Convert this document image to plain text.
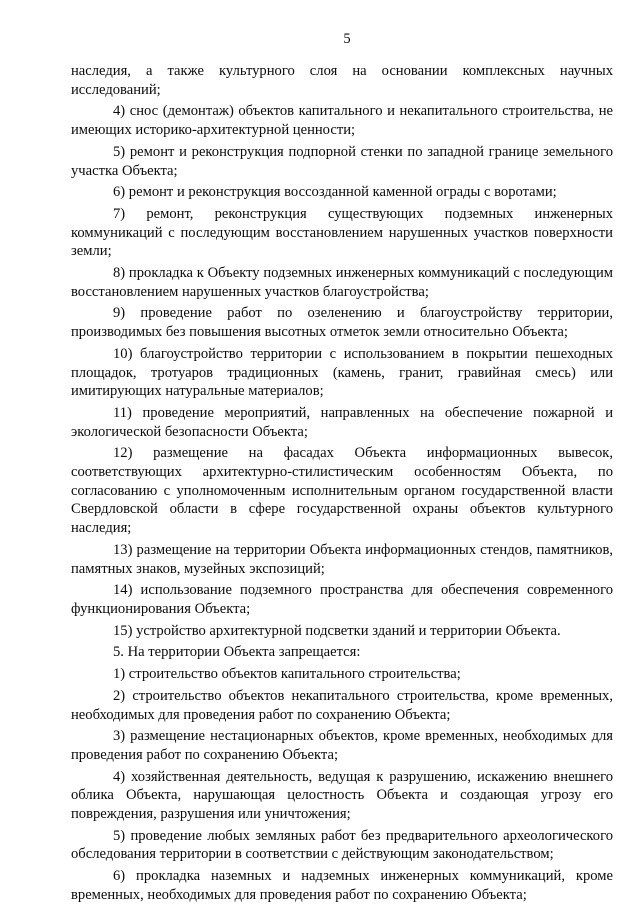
5

наследия, а также культурного слоя на основании комплексных научных исследований;

4) снос (демонтаж) объектов капитального и некапитального строительства, не имеющих историко-архитектурной ценности;

5) ремонт и реконструкция подпорной стенки по западной границе земельного участка Объекта;

6) ремонт и реконструкция воссозданной каменной ограды с воротами;

7) ремонт, реконструкция существующих подземных инженерных коммуникаций с последующим восстановлением нарушенных участков поверхности земли;

8) прокладка к Объекту подземных инженерных коммуникаций с последующим восстановлением нарушенных участков благоустройства;

9) проведение работ по озеленению и благоустройству территории, производимых без повышения высотных отметок земли относительно Объекта;

10) благоустройство территории с использованием в покрытии пешеходных площадок, тротуаров традиционных (камень, гранит, гравийная смесь) или имитирующих натуральные материалов;

11) проведение мероприятий, направленных на обеспечение пожарной и экологической безопасности Объекта;

12) размещение на фасадах Объекта информационных вывесок, соответствующих архитектурно-стилистическим особенностям Объекта, по согласованию с уполномоченным исполнительным органом государственной власти Свердловской области в сфере государственной охраны объектов культурного наследия;

13) размещение на территории Объекта информационных стендов, памятников, памятных знаков, музейных экспозиций;

14) использование подземного пространства для обеспечения современного функционирования Объекта;

15) устройство архитектурной подсветки зданий и территории Объекта.

5. На территории Объекта запрещается:

1) строительство объектов капитального строительства;

2) строительство объектов некапитального строительства, кроме временных, необходимых для проведения работ по сохранению Объекта;

3) размещение нестационарных объектов, кроме временных, необходимых для проведения работ по сохранению Объекта;

4) хозяйственная деятельность, ведущая к разрушению, искажению внешнего облика Объекта, нарушающая целостность Объекта и создающая угрозу его повреждения, разрушения или уничтожения;

5) проведение любых земляных работ без предварительного археологического обследования территории в соответствии с действующим законодательством;

6) прокладка наземных и надземных инженерных коммуникаций, кроме временных, необходимых для проведения работ по сохранению Объекта;
